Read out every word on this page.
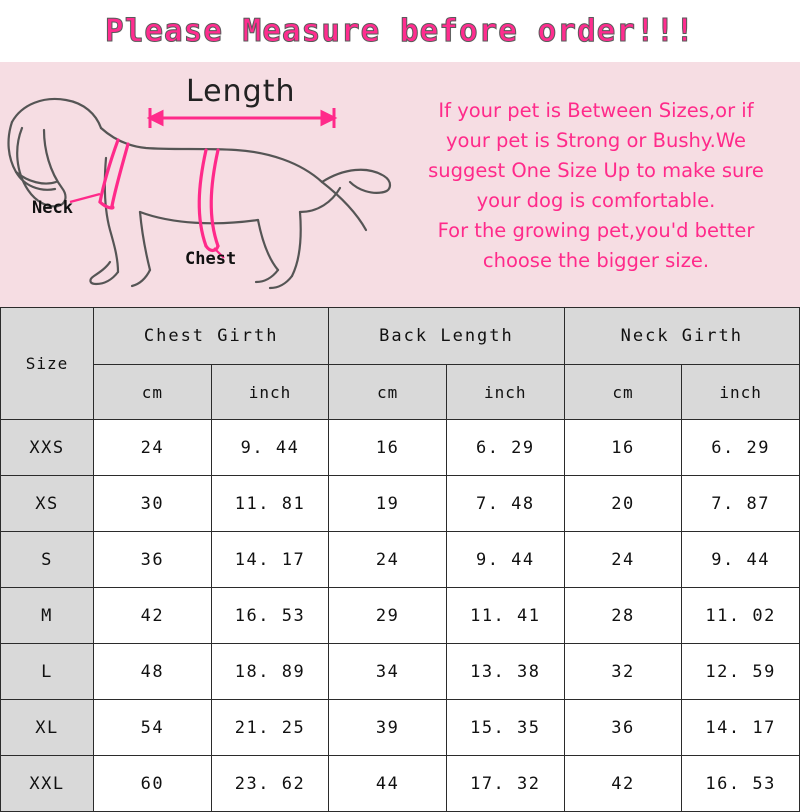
Please Measure before order!!!
Length
Neck
Chest

If your pet is Between Sizes,or if

your pet is Strong or Bushy.We

suggest One Size Up to make sure

your dog is comfortable.

For the growing pet,you'd better

choose the bigger size.

Size	Chest Girth		Back Length		Neck Girth	
	cm	inch	cm	inch	cm	inch
XXS	24	9. 44	16	6. 29	16	6. 29
XS	30	11. 81	19	7. 48	20	7. 87
S	36	14. 17	24	9. 44	24	9. 44
M	42	16. 53	29	11. 41	28	11. 02
L	48	18. 89	34	13. 38	32	12. 59
XL	54	21. 25	39	15. 35	36	14. 17
XXL	60	23. 62	44	17. 32	42	16. 53
